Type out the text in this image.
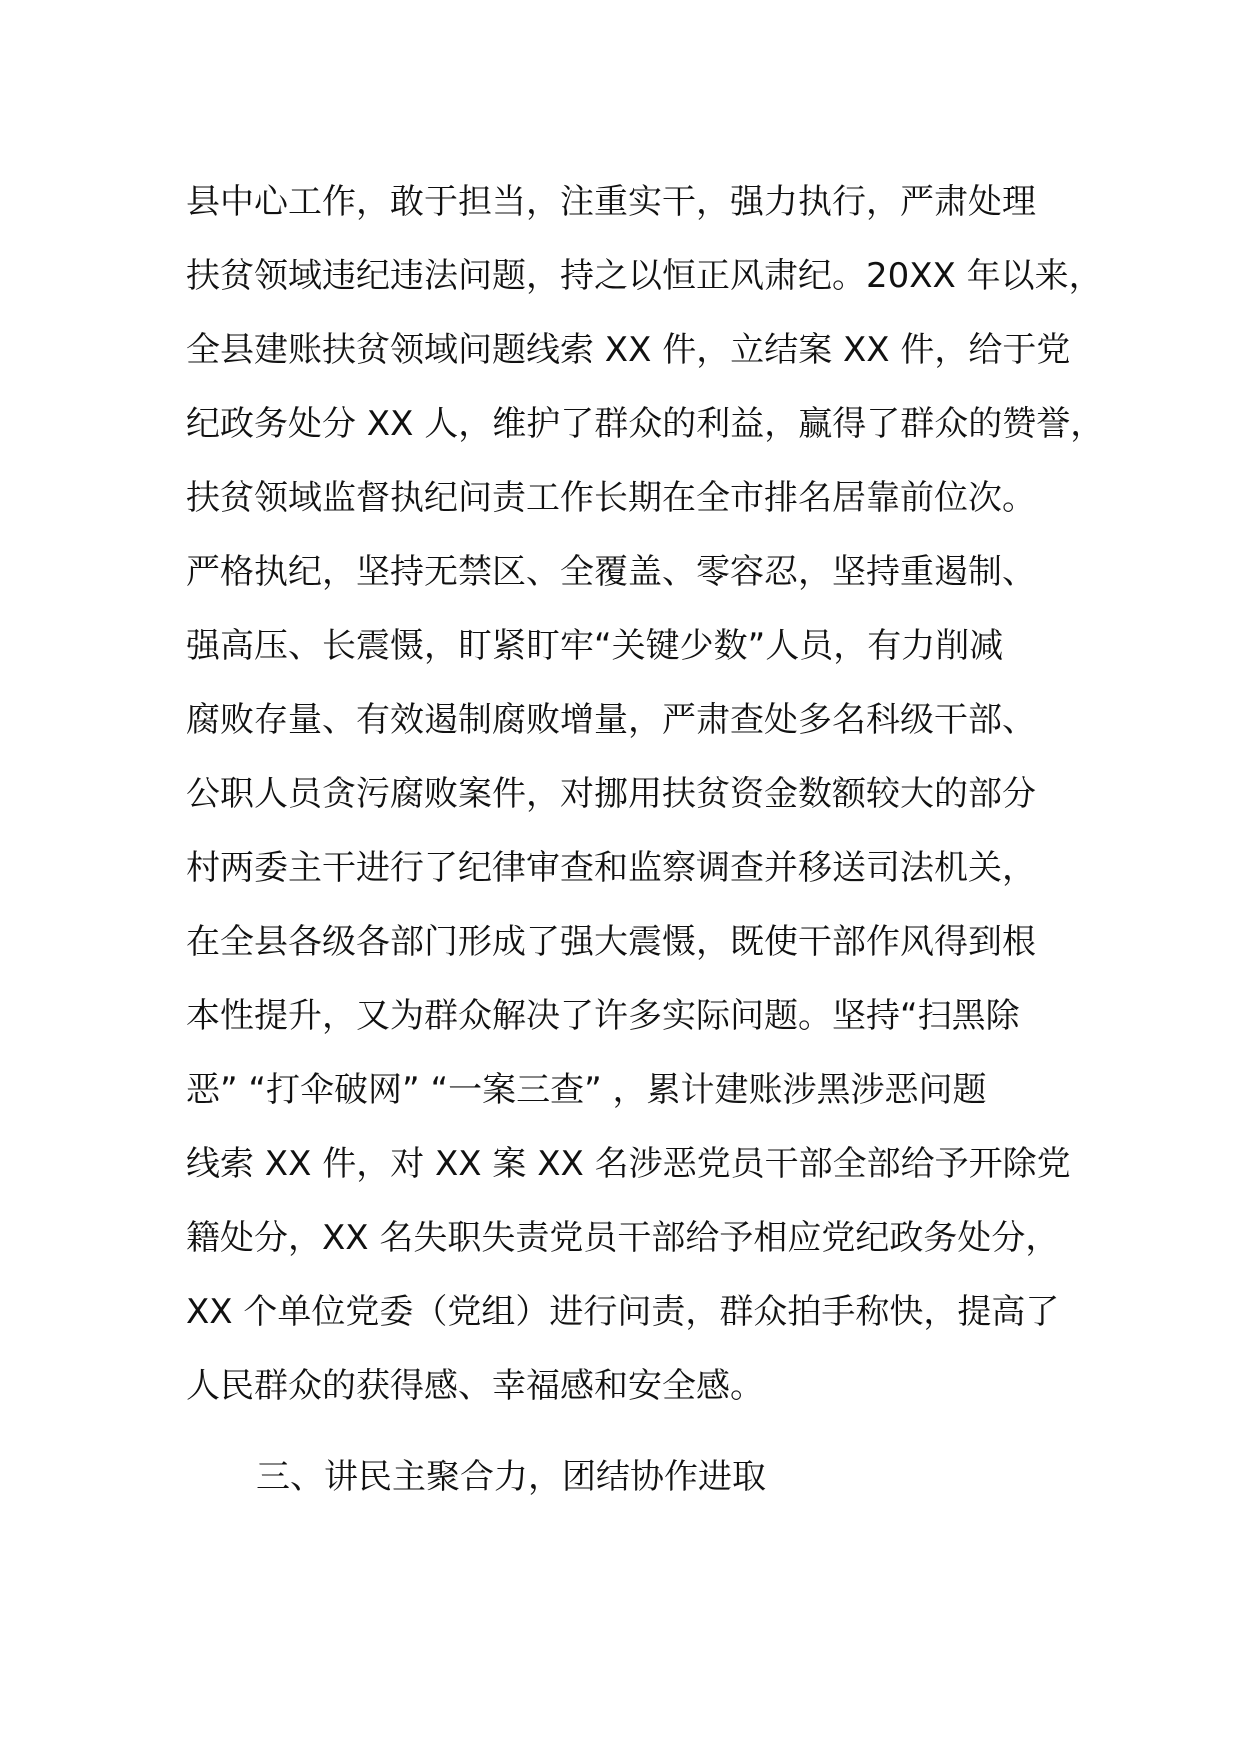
县中心工作，敢于担当，注重实干，强力执行，严肃处理
扶贫领域违纪违法问题，持之以恒正风肃纪。20XX 年以来，
全县建账扶贫领域问题线索 XX 件，立结案 XX 件，给于党
纪政务处分 XX 人，维护了群众的利益，赢得了群众的赞誉，
扶贫领域监督执纪问责工作长期在全市排名居靠前位次。
严格执纪，坚持无禁区、全覆盖、零容忍，坚持重遏制、
强高压、长震慑，盯紧盯牢“关键少数”人员，有力削减
腐败存量、有效遏制腐败增量，严肃查处多名科级干部、
公职人员贪污腐败案件，对挪用扶贫资金数额较大的部分
村两委主干进行了纪律审查和监察调查并移送司法机关，
在全县各级各部门形成了强大震慑，既使干部作风得到根
本性提升，又为群众解决了许多实际问题。坚持“扫黑除
恶” “打伞破网” “一案三查” ，累计建账涉黑涉恶问题
线索 XX 件，对 XX 案 XX 名涉恶党员干部全部给予开除党
籍处分，XX 名失职失责党员干部给予相应党纪政务处分，
XX 个单位党委（党组）进行问责，群众拍手称快，提高了
人民群众的获得感、幸福感和安全感。
三、讲民主聚合力，团结协作进取
